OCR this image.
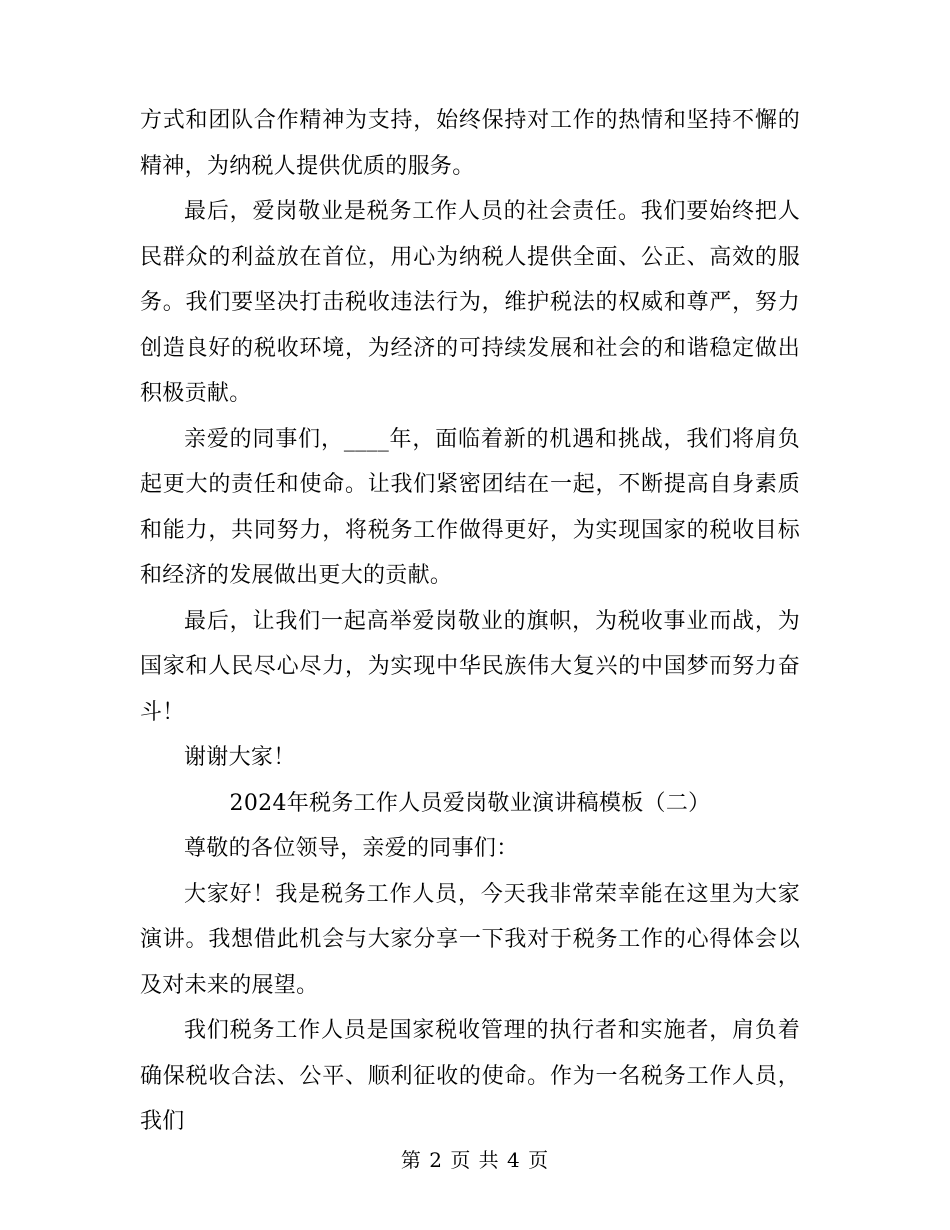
方式和团队合作精神为支持，始终保持对工作的热情和坚持不懈的精神，为纳税人提供优质的服务。

最后，爱岗敬业是税务工作人员的社会责任。我们要始终把人民群众的利益放在首位，用心为纳税人提供全面、公正、高效的服务。我们要坚决打击税收违法行为，维护税法的权威和尊严，努力创造良好的税收环境，为经济的可持续发展和社会的和谐稳定做出积极贡献。

亲爱的同事们，____年，面临着新的机遇和挑战，我们将肩负起更大的责任和使命。让我们紧密团结在一起，不断提高自身素质和能力，共同努力，将税务工作做得更好，为实现国家的税收目标和经济的发展做出更大的贡献。

最后，让我们一起高举爱岗敬业的旗帜，为税收事业而战，为国家和人民尽心尽力，为实现中华民族伟大复兴的中国梦而努力奋斗！

谢谢大家！

2024年税务工作人员爱岗敬业演讲稿模板（二）

尊敬的各位领导，亲爱的同事们：

大家好！我是税务工作人员，今天我非常荣幸能在这里为大家演讲。我想借此机会与大家分享一下我对于税务工作的心得体会以及对未来的展望。

我们税务工作人员是国家税收管理的执行者和实施者，肩负着确保税收合法、公平、顺利征收的使命。作为一名税务工作人员，我们

第 2 页 共 4 页
